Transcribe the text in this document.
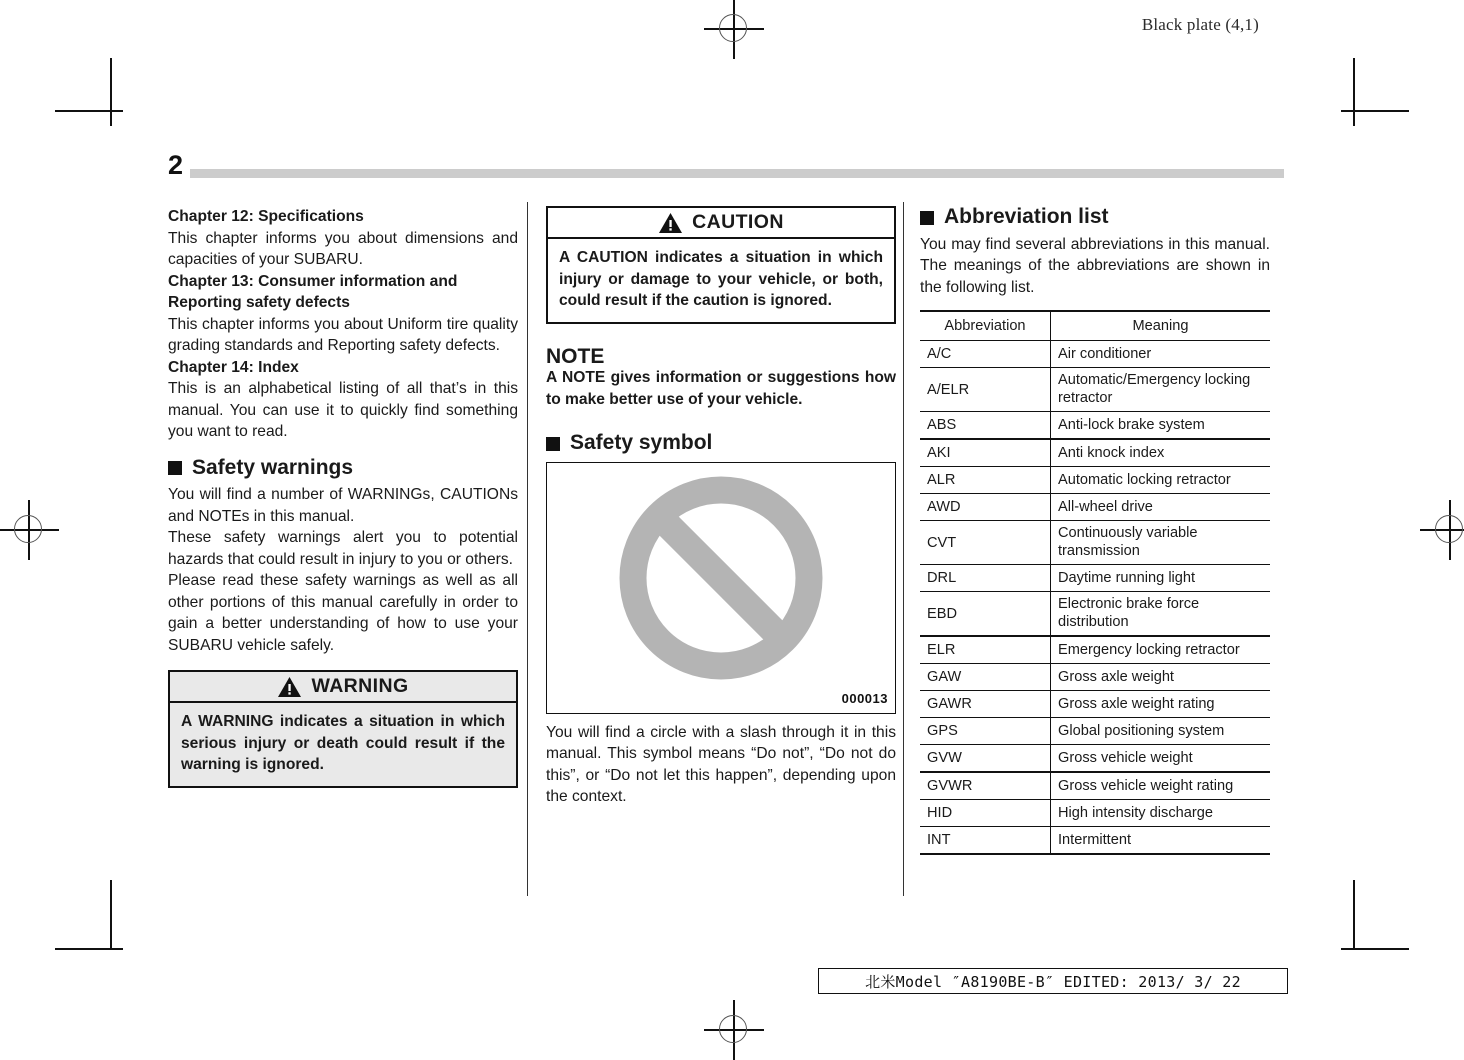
Black plate (4,1)
北米Model ″A8190BE-B″ EDITED: 2013/ 3/ 22
2

Chapter 12: Specifications

This chapter informs you about dimensions and capacities of your SUBARU.

Chapter 13: Consumer information and Reporting safety defects

This chapter informs you about Uniform tire quality grading standards and Reporting safety defects.

Chapter 14: Index

This is an alphabetical listing of all that’s in this manual. You can use it to quickly find something you want to read.

Safety warnings

You will find a number of WARNINGs, CAUTIONs and NOTEs in this manual.

These safety warnings alert you to potential hazards that could result in injury to you or others.

Please read these safety warnings as well as all other portions of this manual carefully in order to gain a better understanding of how to use your SUBARU vehicle safely.

WARNING
A WARNING indicates a situation in which serious injury or death could result if the warning is ignored.
CAUTION
A CAUTION indicates a situation in which injury or damage to your vehicle, or both, could result if the caution is ignored.

NOTE

A NOTE gives information or suggestions how to make better use of your vehicle.

Safety symbol
000013

You will find a circle with a slash through it in this manual. This symbol means “Do not”, “Do not do this”, or “Do not let this happen”, depending upon the context.

Abbreviation list

You may find several abbreviations in this manual. The meanings of the abbreviations are shown in the following list.

Abbreviation	Meaning
A/C	Air conditioner
A/ELR	Automatic/Emergency locking retractor
ABS	Anti-lock brake system
AKI	Anti knock index
ALR	Automatic locking retractor
AWD	All-wheel drive
CVT	Continuously variable transmission
DRL	Daytime running light
EBD	Electronic brake force distribution
ELR	Emergency locking retractor
GAW	Gross axle weight
GAWR	Gross axle weight rating
GPS	Global positioning system
GVW	Gross vehicle weight
GVWR	Gross vehicle weight rating
HID	High intensity discharge
INT	Intermittent
